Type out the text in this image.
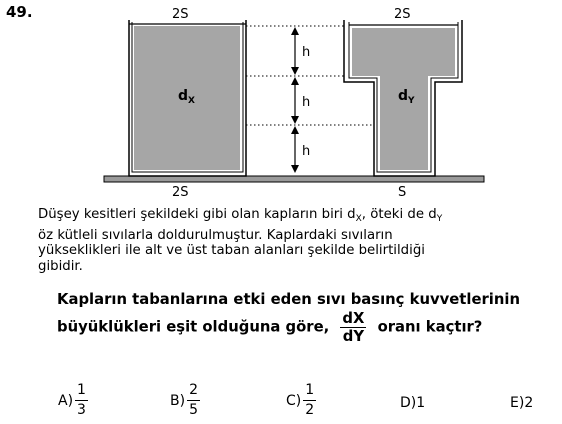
49.	2S	2S
2S	S
h
h
h
$d_X$	$d_Y$
Düşey kesitleri şekildeki gibi olan kapların biri $d_X$, öteki de $d_Y$
öz kütleli sıvılarla doldurulmuştur. Kaplardaki sıvıların
yükseklikleri ile alt ve üst taban alanları şekilde belirtildiği
gibidir.
Kapların tabanlarına etki eden sıvı basınç kuvvetlerinin
büyüklükleri eşit olduğuna göre, $\frac{dX}{dY}$ oranı kaçtır?
$A) \frac{1}{3}$	$B) \frac{2}{5}$	$C) \frac{1}{2}$	D) 1	E) 2
